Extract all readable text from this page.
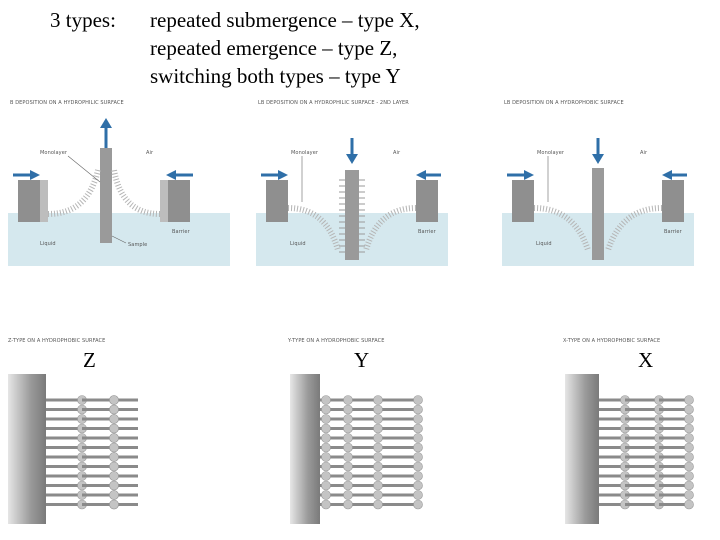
3 types: repeated submergence – type X,
repeated emergence – type Z,
switching both types – type Y
B DEPOSITION ON A HYDROPHILIC SURFACE
Monolayer	Air
Liquid	Sample
Barrier
LB DEPOSITION ON A HYDROPHILIC SURFACE - 2ND LAYER
Monolayer	Air
Liquid
Barrier
LB DEPOSITION ON A HYDROPHOBIC SURFACE
Monolayer	Air
Liquid
Barrier
Z-TYPE ON A HYDROPHOBIC SURFACE	Y-TYPE ON A HYDROPHOBIC SURFACE	X-TYPE ON A HYDROPHOBIC SURFACE
Z	Y	X
